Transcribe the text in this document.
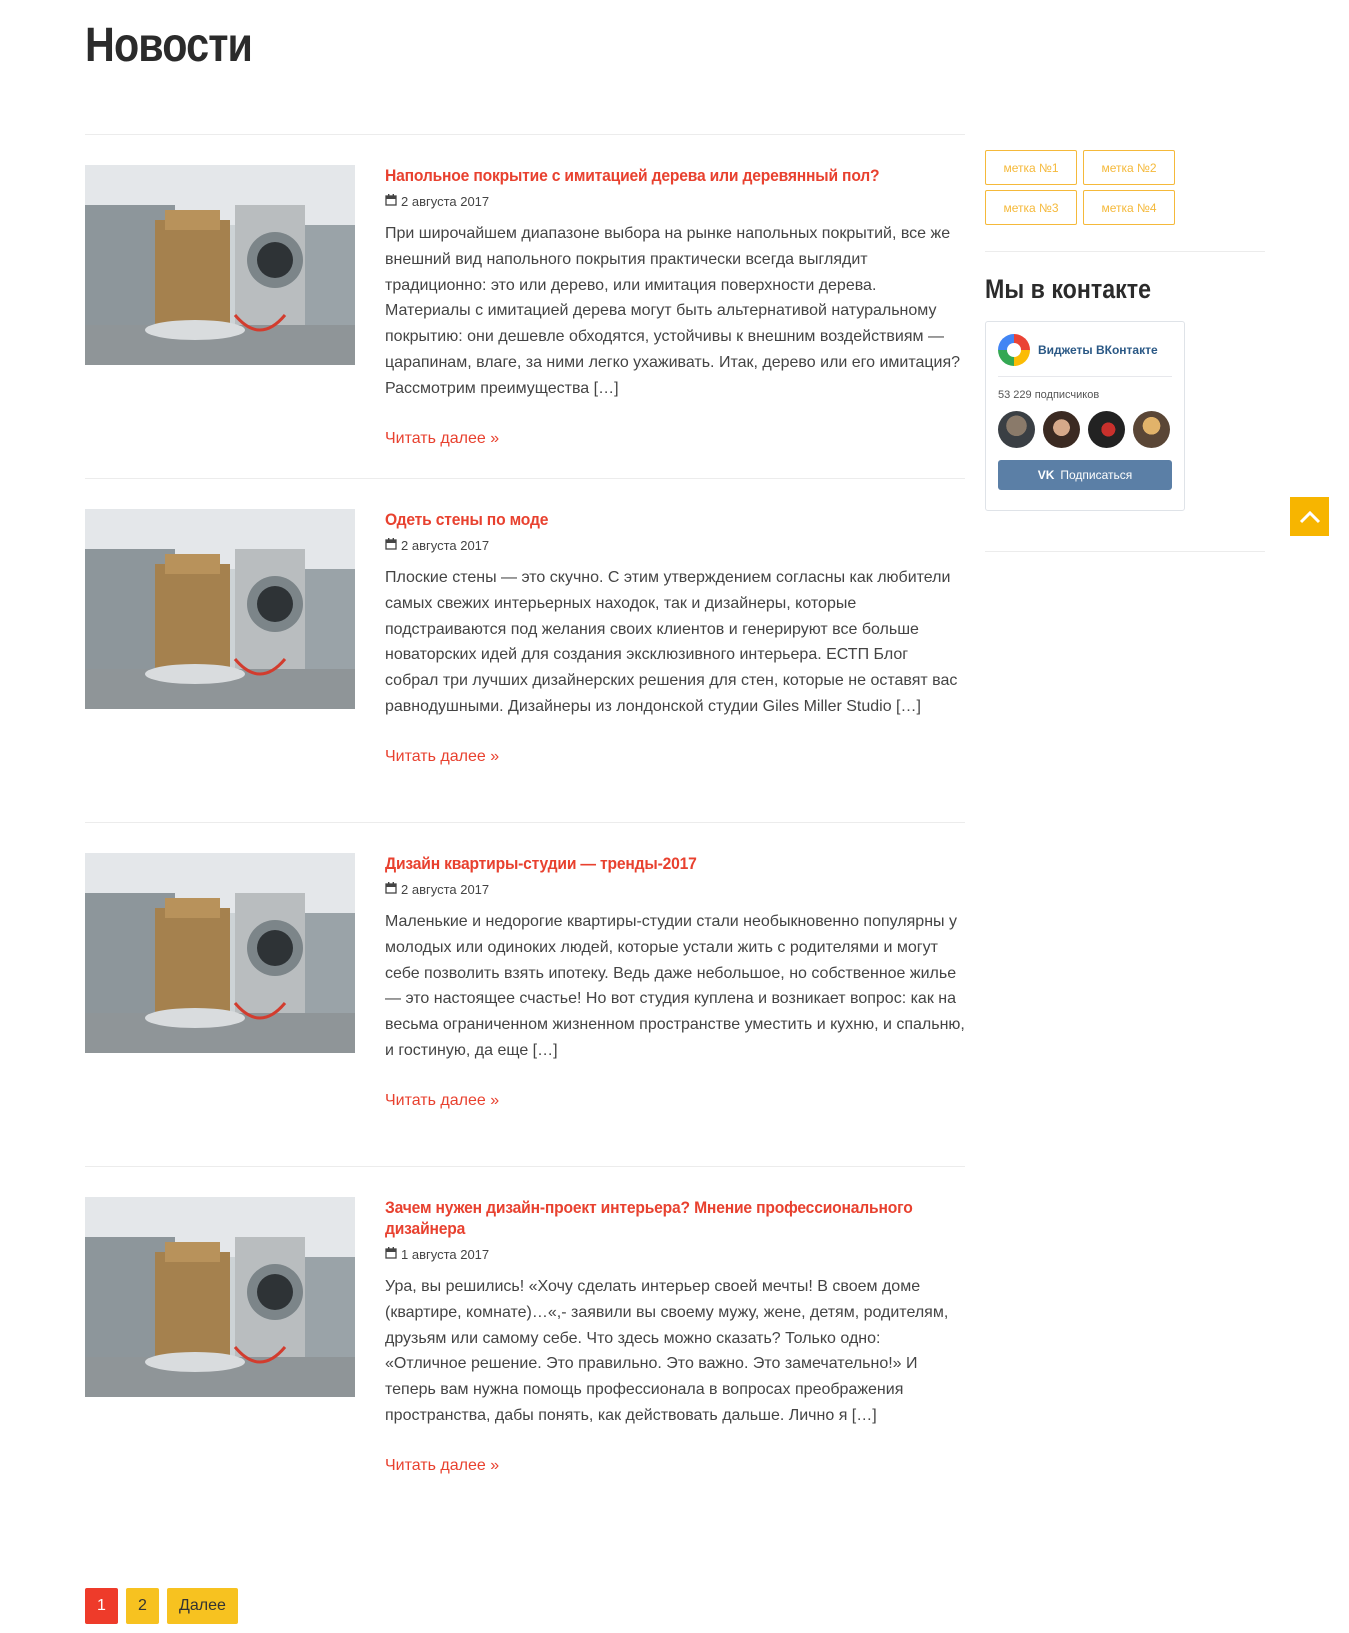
Новости
Напольное покрытие с имитацией дерева или деревянный пол?
2 августа 2017

При широчайшем диапазоне выбора на рынке напольных покрытий, все же внешний вид напольного покрытия практически всегда выглядит традиционно: это или дерево, или имитация поверхности дерева. Материалы с имитацией дерева могут быть альтернативой натуральному покрытию: они дешевле обходятся, устойчивы к внешним воздействиям — царапинам, влаге, за ними легко ухаживать. Итак, дерево или его имитация? Рассмотрим преимущества […]

Читать далее »
Одеть стены по моде
2 августа 2017

Плоские стены — это скучно. С этим утверждением согласны как любители самых свежих интерьерных находок, так и дизайнеры, которые подстраиваются под желания своих клиентов и генерируют все больше новаторских идей для создания эксклюзивного интерьера. ЕСТП Блог собрал три лучших дизайнерских решения для стен, которые не оставят вас равнодушными. Дизайнеры из лондонской студии Giles Miller Studio […]

Читать далее »
Дизайн квартиры-студии — тренды-2017
2 августа 2017

Маленькие и недорогие квартиры-студии стали необыкновенно популярны у молодых или одиноких людей, которые устали жить с родителями и могут себе позволить взять ипотеку. Ведь даже небольшое, но собственное жилье — это настоящее счастье! Но вот студия куплена и возникает вопрос: как на весьма ограниченном жизненном пространстве уместить и кухню, и спальню, и гостиную, да еще […]

Читать далее »
Зачем нужен дизайн-проект интерьера? Мнение профессионального дизайнера
1 августа 2017

Ура, вы решились! «Хочу сделать интерьер своей мечты! В своем доме (квартире, комнате)…«,- заявили вы своему мужу, жене, детям, родителям, друзьям или самому себе. Что здесь можно сказать? Только одно: «Отличное решение. Это правильно. Это важно. Это замечательно!» И теперь вам нужна помощь профессионала в вопросах преображения пространства, дабы понять, как действовать дальше. Лично я […]

Читать далее »
1	2	Далее
метка №1	метка №2
метка №3	метка №4
Мы в контакте
Виджеты ВКонтакте
53 229 подписчиков
VK Подписаться
